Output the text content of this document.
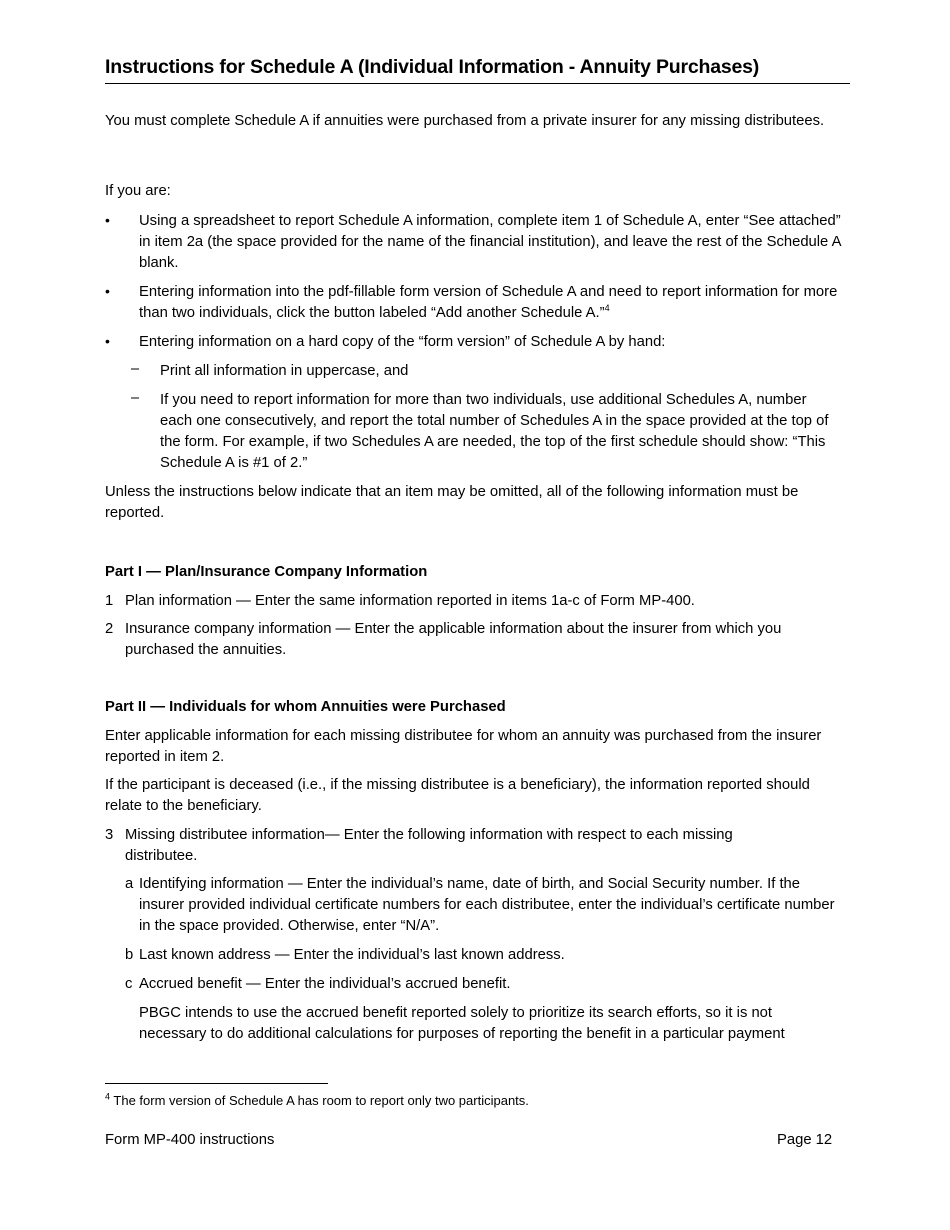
Instructions for Schedule A (Individual Information - Annuity Purchases)
You must complete Schedule A if annuities were purchased from a private insurer for any missing distributees.
If you are:
• Using a spreadsheet to report Schedule A information, complete item 1 of Schedule A, enter “See attached” in item 2a (the space provided for the name of the financial institution), and leave the rest of the Schedule A blank.
• Entering information into the pdf-fillable form version of Schedule A and need to report information for more than two individuals, click the button labeled “Add another Schedule A.”$^4$
• Entering information on a hard copy of the “form version” of Schedule A by hand:
– Print all information in uppercase, and
– If you need to report information for more than two individuals, use additional Schedules A, number each one consecutively, and report the total number of Schedules A in the space provided at the top of the form. For example, if two Schedules A are needed, the top of the first schedule should show: “This Schedule A is #1 of 2.”
Unless the instructions below indicate that an item may be omitted, all of the following information must be reported.
Part I — Plan/Insurance Company Information
1 Plan information — Enter the same information reported in items 1a-c of Form MP-400.
2 Insurance company information — Enter the applicable information about the insurer from which you purchased the annuities.
Part II — Individuals for whom Annuities were Purchased
Enter applicable information for each missing distributee for whom an annuity was purchased from the insurer reported in item 2.
If the participant is deceased (i.e., if the missing distributee is a beneficiary), the information reported should relate to the beneficiary.
3 Missing distributee information— Enter the following information with respect to each missing distributee.
a Identifying information — Enter the individual’s name, date of birth, and Social Security number. If the insurer provided individual certificate numbers for each distributee, enter the individual’s certificate number in the space provided. Otherwise, enter “N/A”.
b Last known address — Enter the individual’s last known address.
c Accrued benefit — Enter the individual’s accrued benefit.
PBGC intends to use the accrued benefit reported solely to prioritize its search efforts, so it is not necessary to do additional calculations for purposes of reporting the benefit in a particular payment
$^4$ The form version of Schedule A has room to report only two participants.
Form MP-400 instructions	Page 12
